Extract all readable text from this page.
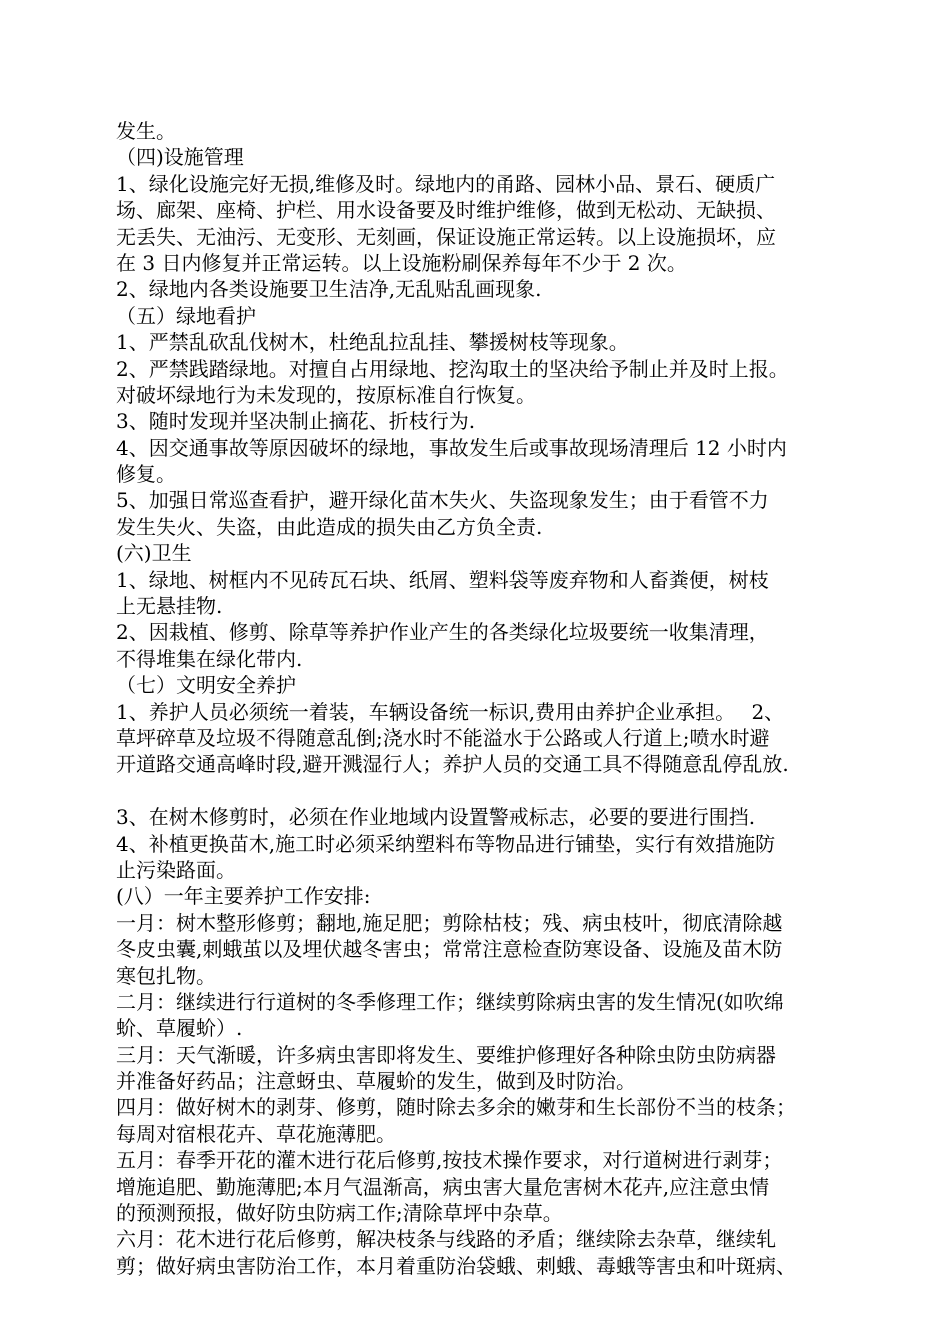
发生。
（四)设施管理
1、绿化设施完好无损,维修及时。绿地内的甬路、园林小品、景石、硬质广
场、廊架、座椅、护栏、用水设备要及时维护维修，做到无松动、无缺损、
无丢失、无油污、无变形、无刻画，保证设施正常运转。以上设施损坏，应
在 3 日内修复并正常运转。以上设施粉刷保养每年不少于 2 次。
2、绿地内各类设施要卫生洁净,无乱贴乱画现象.
（五）绿地看护
1、严禁乱砍乱伐树木，杜绝乱拉乱挂、攀援树枝等现象。
2、严禁践踏绿地。对擅自占用绿地、挖沟取土的坚决给予制止并及时上报。
对破坏绿地行为未发现的，按原标准自行恢复。
3、随时发现并坚决制止摘花、折枝行为.
4、因交通事故等原因破坏的绿地，事故发生后或事故现场清理后 12 小时内
修复。
5、加强日常巡查看护，避开绿化苗木失火、失盗现象发生；由于看管不力
发生失火、失盗，由此造成的损失由乙方负全责.
(六)卫生
1、绿地、树框内不见砖瓦石块、纸屑、塑料袋等废弃物和人畜粪便，树枝
上无悬挂物.
2、因栽植、修剪、除草等养护作业产生的各类绿化垃圾要统一收集清理，
不得堆集在绿化带内.
（七）文明安全养护
1、养护人员必须统一着装，车辆设备统一标识,费用由养护企业承担。　 2、
草坪碎草及垃圾不得随意乱倒;浇水时不能溢水于公路或人行道上;喷水时避
开道路交通高峰时段,避开溅湿行人；养护人员的交通工具不得随意乱停乱放.
3、在树木修剪时，必须在作业地域内设置警戒标志，必要的要进行围挡.
4、补植更换苗木,施工时必须采纳塑料布等物品进行铺垫，实行有效措施防
止污染路面。
(八）一年主要养护工作安排:
一月：树木整形修剪；翻地,施足肥；剪除枯枝；残、病虫枝叶，彻底清除越
冬皮虫囊,刺蛾茧以及埋伏越冬害虫；常常注意检查防寒设备、设施及苗木防
寒包扎物。
二月：继续进行行道树的冬季修理工作；继续剪除病虫害的发生情况(如吹绵
蚧、草履蚧）.
三月：天气渐暖，许多病虫害即将发生、要维护修理好各种除虫防虫防病器
并准备好药品；注意蚜虫、草履蚧的发生，做到及时防治。
四月：做好树木的剥芽、修剪，随时除去多余的嫩芽和生长部份不当的枝条；
每周对宿根花卉、草花施薄肥。
五月：春季开花的灌木进行花后修剪,按技术操作要求，对行道树进行剥芽；
增施追肥、勤施薄肥;本月气温渐高，病虫害大量危害树木花卉,应注意虫情
的预测预报，做好防虫防病工作;清除草坪中杂草。
六月：花木进行花后修剪，解决枝条与线路的矛盾；继续除去杂草，继续轧
剪；做好病虫害防治工作，本月着重防治袋蛾、刺蛾、毒蛾等害虫和叶斑病、
